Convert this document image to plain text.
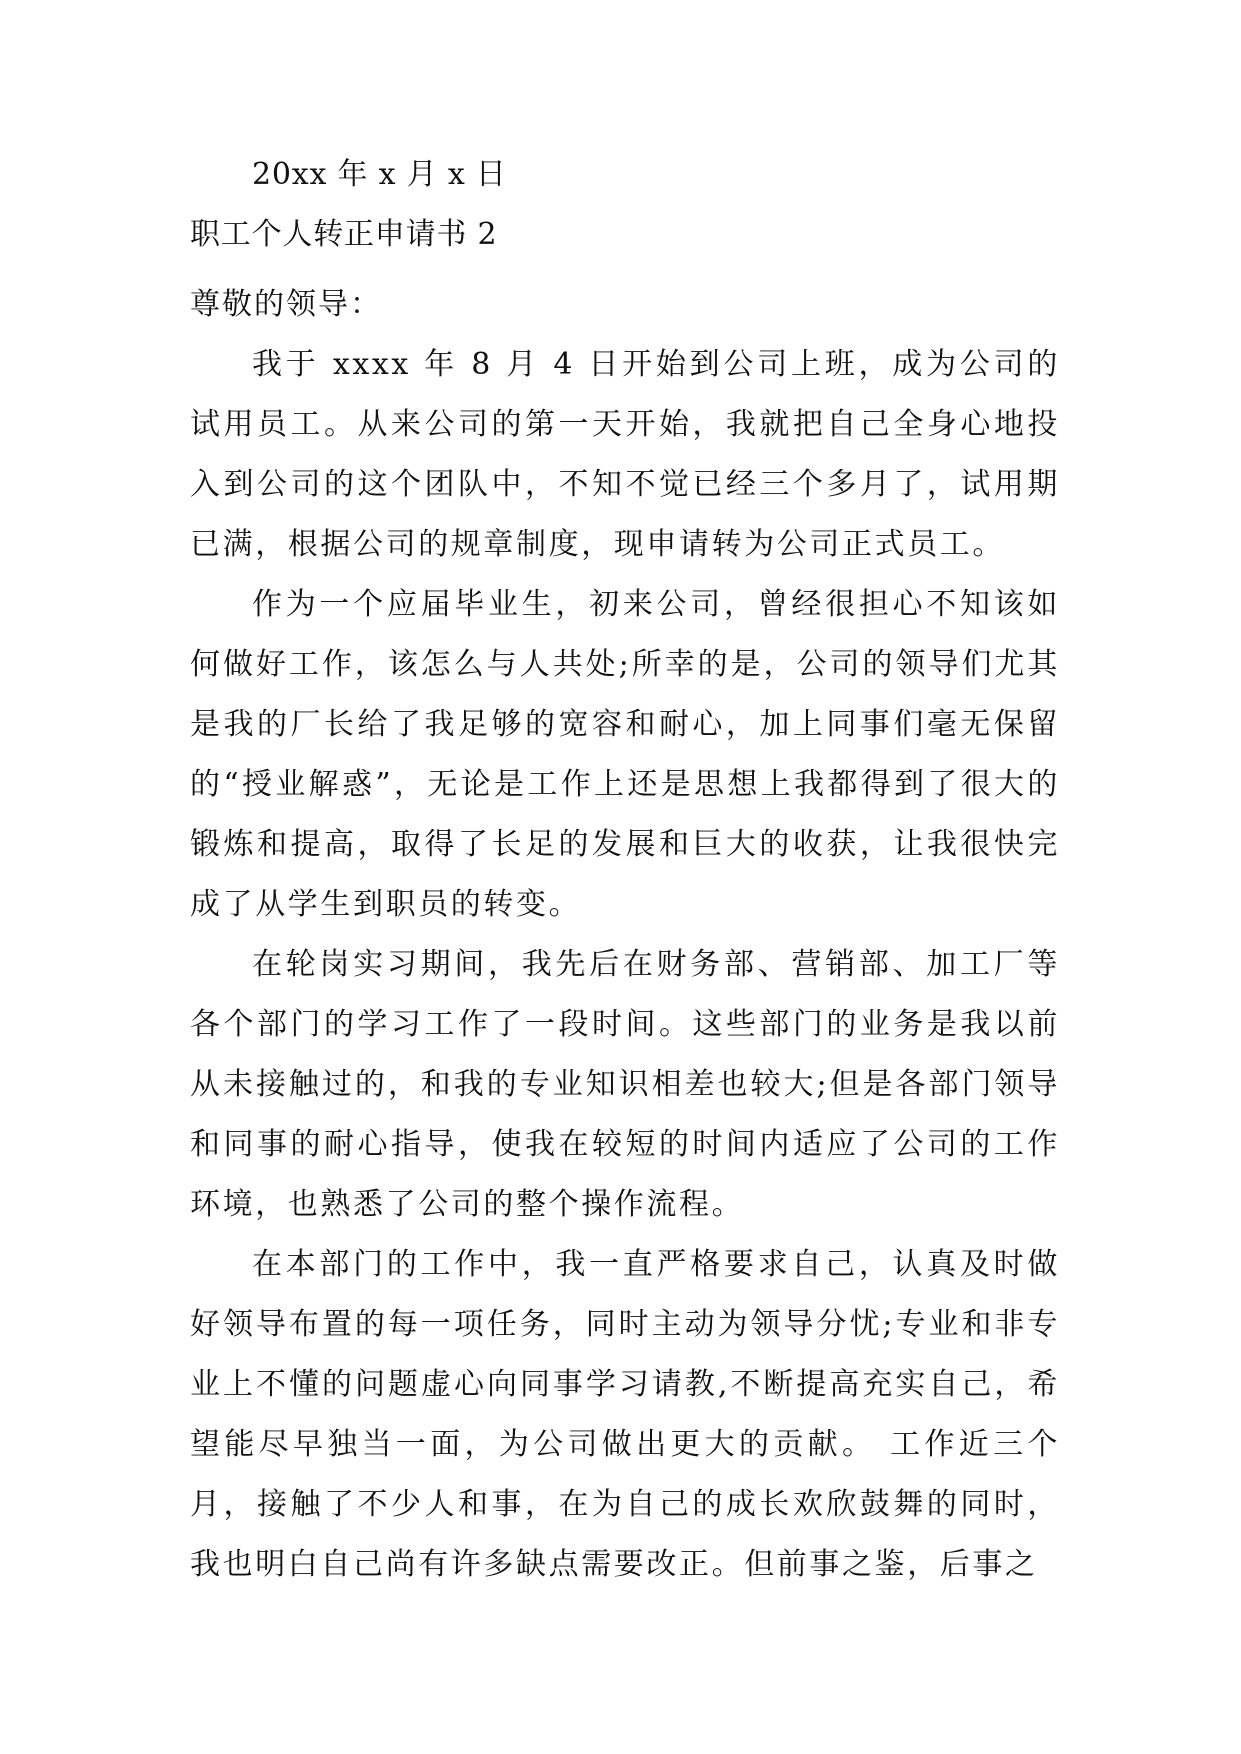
20xx 年 x 月 x 日
职工个人转正申请书 2

尊敬的领导：

我于 xxxx 年 8 月 4 日开始到公司上班，成为公司的试用员工。从来公司的第一天开始，我就把自己全身心地投入到公司的这个团队中，不知不觉已经三个多月了，试用期已满，根据公司的规章制度，现申请转为公司正式员工。

作为一个应届毕业生，初来公司，曾经很担心不知该如何做好工作，该怎么与人共处;所幸的是，公司的领导们尤其是我的厂长给了我足够的宽容和耐心，加上同事们毫无保留的“授业解惑”，无论是工作上还是思想上我都得到了很大的锻炼和提高，取得了长足的发展和巨大的收获，让我很快完成了从学生到职员的转变。

在轮岗实习期间，我先后在财务部、营销部、加工厂等各个部门的学习工作了一段时间。这些部门的业务是我以前从未接触过的，和我的专业知识相差也较大;但是各部门领导和同事的耐心指导，使我在较短的时间内适应了公司的工作环境，也熟悉了公司的整个操作流程。

在本部门的工作中，我一直严格要求自己，认真及时做好领导布置的每一项任务，同时主动为领导分忧;专业和非专业上不懂的问题虚心向同事学习请教,不断提高充实自己，希望能尽早独当一面，为公司做出更大的贡献。 工作近三个月，接触了不少人和事，在为自己的成长欢欣鼓舞的同时，我也明白自己尚有许多缺点需要改正。但前事之鉴，后事之
